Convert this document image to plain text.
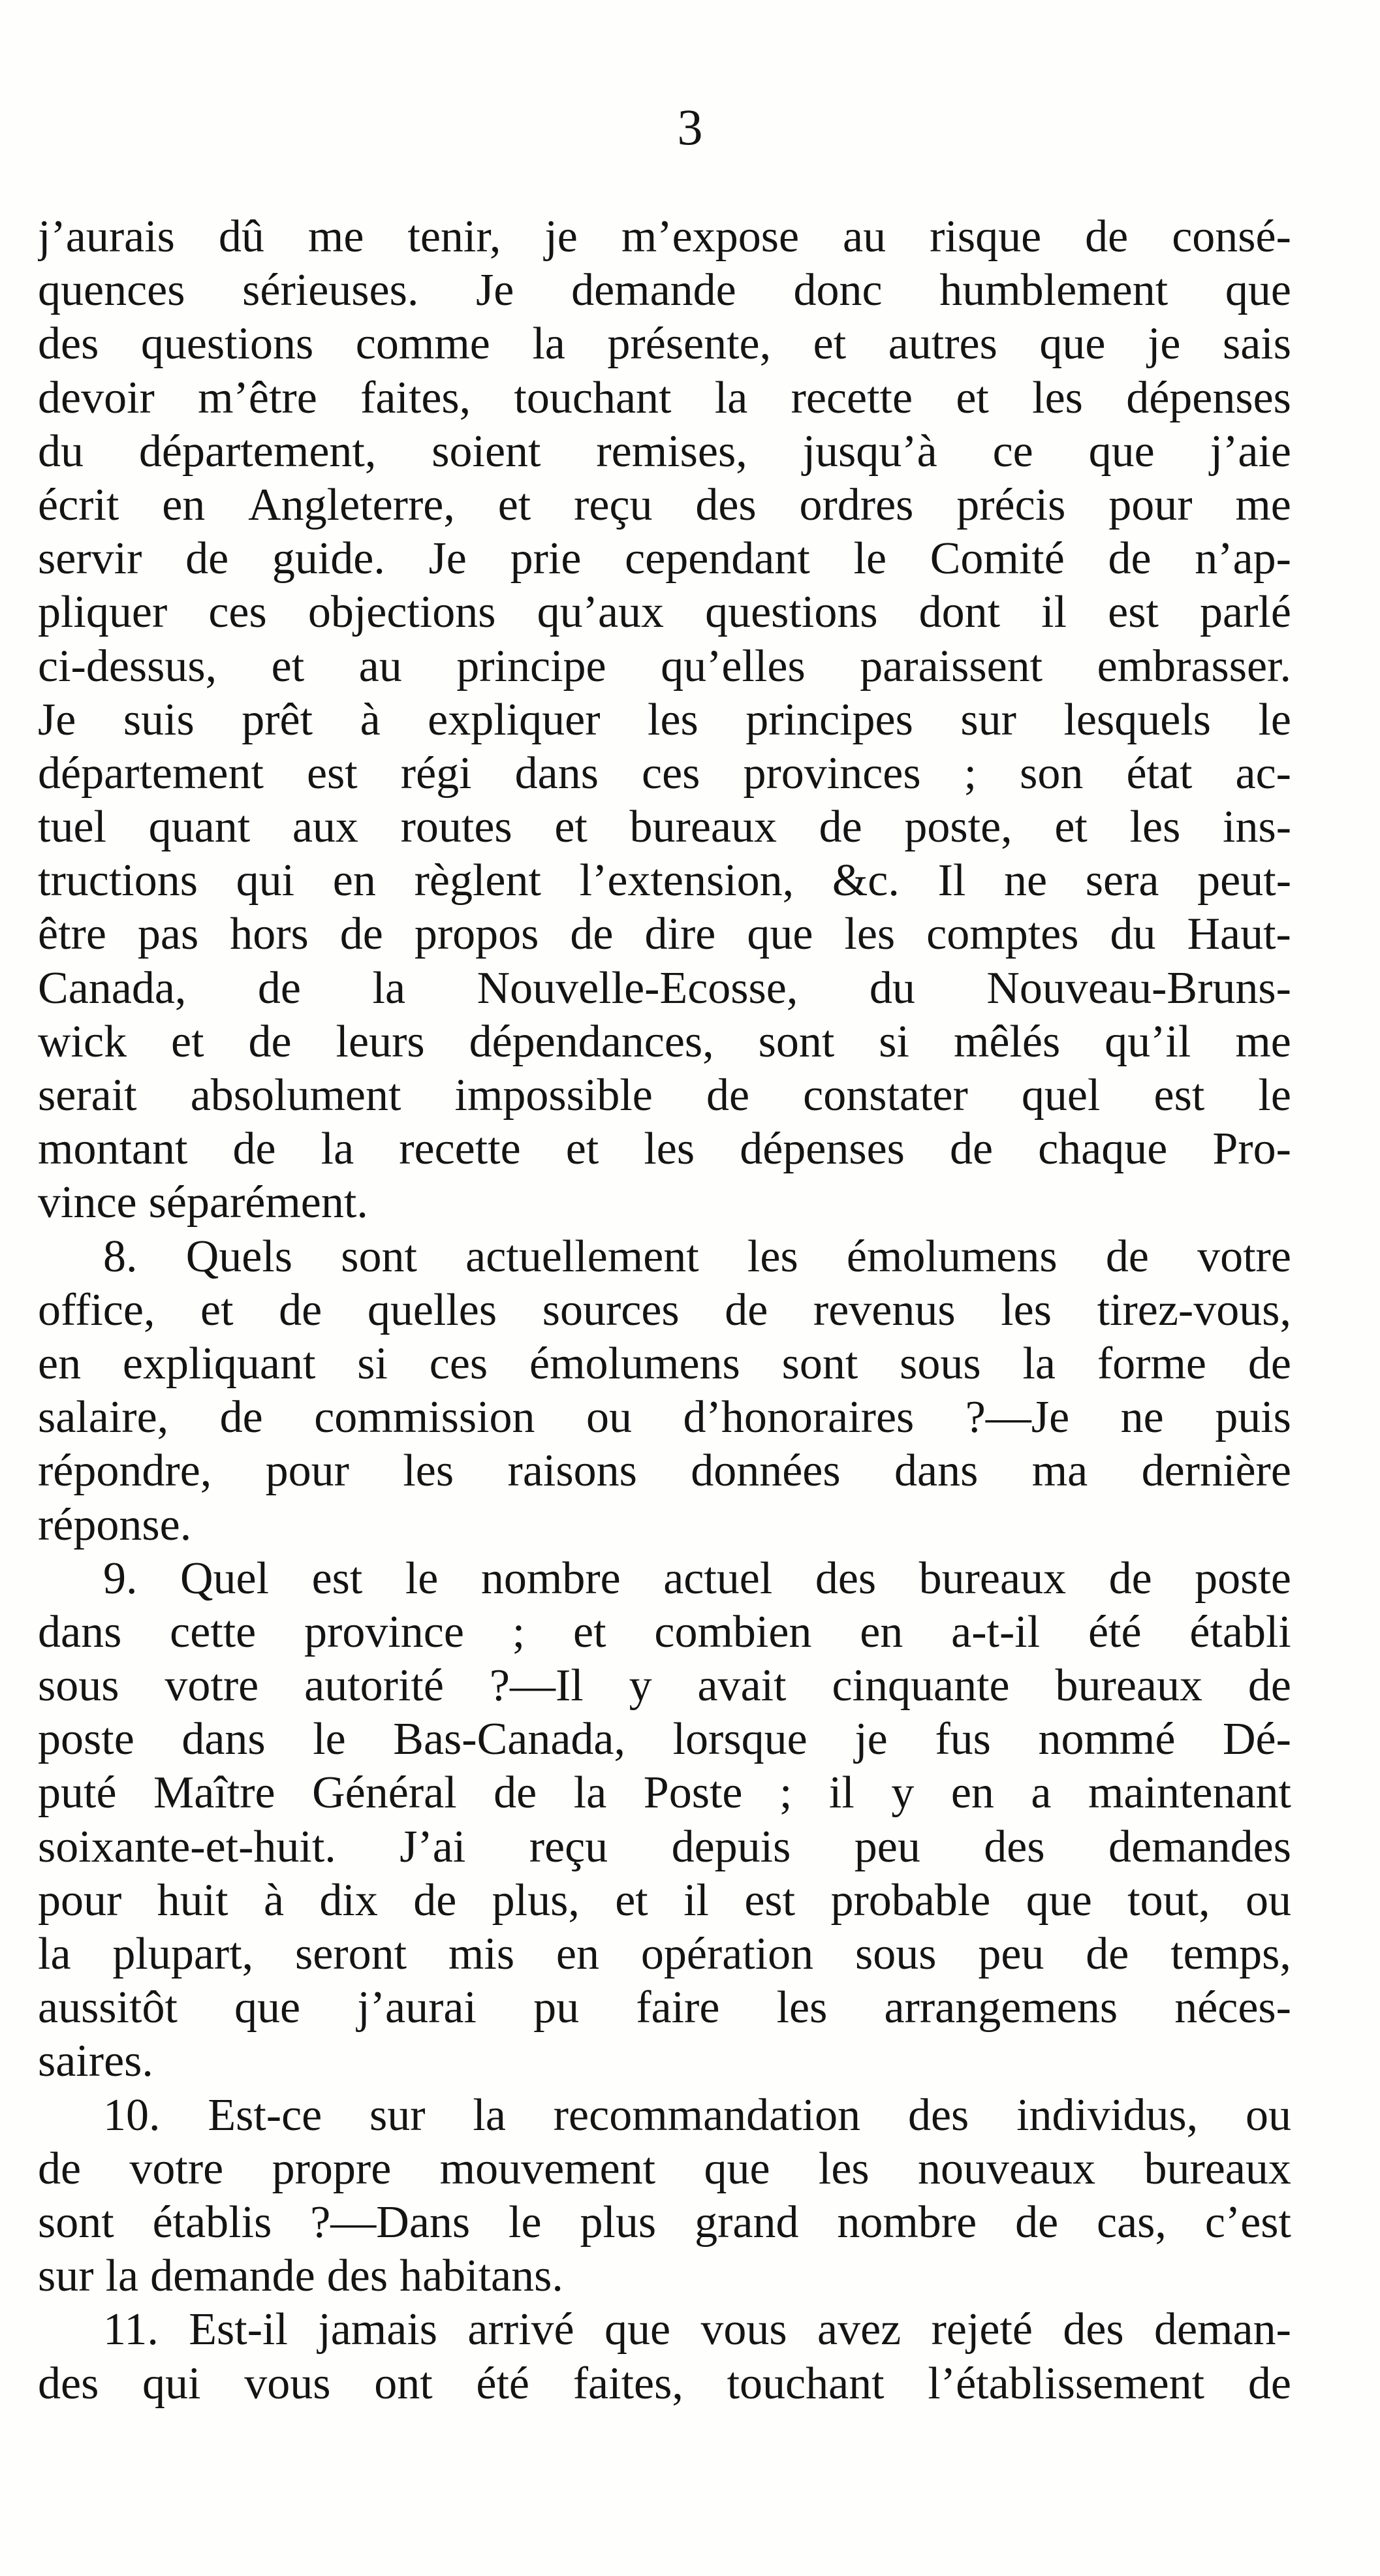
3
j’aurais dû me tenir, je m’expose au risque de consé-
quences sérieuses. Je demande donc humblement que
des questions comme la présente, et autres que je sais
devoir m’être faites, touchant la recette et les dépenses
du département, soient remises, jusqu’à ce que j’aie
écrit en Angleterre, et reçu des ordres précis pour me
servir de guide. Je prie cependant le Comité de n’ap-
pliquer ces objections qu’aux questions dont il est parlé
ci-dessus, et au principe qu’elles paraissent embrasser.
Je suis prêt à expliquer les principes sur lesquels le
département est régi dans ces provinces ; son état ac-
tuel quant aux routes et bureaux de poste, et les ins-
tructions qui en règlent l’extension, &c. Il ne sera peut-
être pas hors de propos de dire que les comptes du Haut-
Canada, de la Nouvelle-Ecosse, du Nouveau-Bruns-
wick et de leurs dépendances, sont si mêlés qu’il me
serait absolument impossible de constater quel est le
montant de la recette et les dépenses de chaque Pro-
vince séparément.
8. Quels sont actuellement les émolumens de votre
office, et de quelles sources de revenus les tirez-vous,
en expliquant si ces émolumens sont sous la forme de
salaire, de commission ou d’honoraires ?—Je ne puis
répondre, pour les raisons données dans ma dernière
réponse.
9. Quel est le nombre actuel des bureaux de poste
dans cette province ; et combien en a-t-il été établi
sous votre autorité ?—Il y avait cinquante bureaux de
poste dans le Bas-Canada, lorsque je fus nommé Dé-
puté Maître Général de la Poste ; il y en a maintenant
soixante-et-huit. J’ai reçu depuis peu des demandes
pour huit à dix de plus, et il est probable que tout, ou
la plupart, seront mis en opération sous peu de temps,
aussitôt que j’aurai pu faire les arrangemens néces-
saires.
10. Est-ce sur la recommandation des individus, ou
de votre propre mouvement que les nouveaux bureaux
sont établis ?—Dans le plus grand nombre de cas, c’est
sur la demande des habitans.
11. Est-il jamais arrivé que vous avez rejeté des deman-
des qui vous ont été faites, touchant l’établissement de
